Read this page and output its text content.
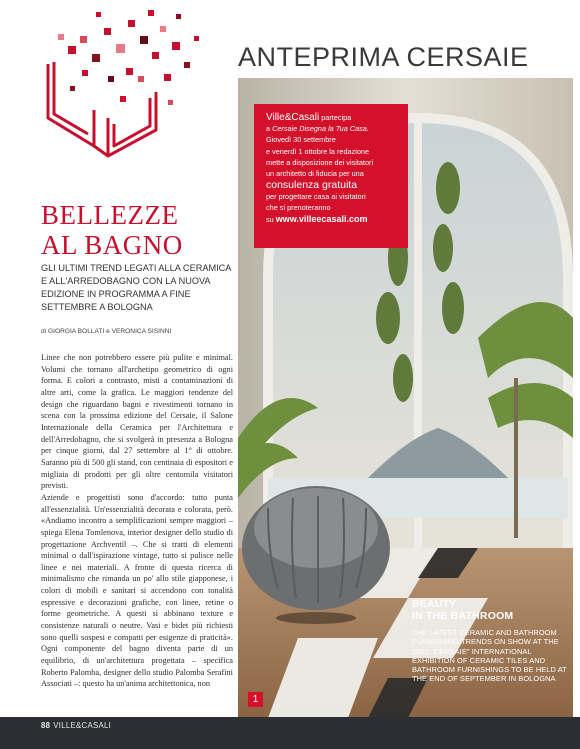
ANTEPRIMA CERSAIE
BELLEZZE
AL BAGNO
GLI ULTIMI TREND LEGATI ALLA CERAMICA E ALL'ARREDOBAGNO CON LA NUOVA EDIZIONE IN PROGRAMMA A FINE SETTEMBRE A BOLOGNA
di GIORGIA BOLLATI e VERONICA SISINNI

Linee che non potrebbero essere più pulite e minimal. Volumi che tornano all'archetipo geometrico di ogni forma. E colori a contrasto, misti a contaminazioni di altre arti, come la grafica. Le maggiori tendenze del design che riguardano bagni e rivestimenti tornano in scena con la prossima edizione del Cersaie, il Salone Internazionale della Ceramica per l'Architettura e dell'Arredobagno, che si svolgerà in presenza a Bologna per cinque giorni, dal 27 settembre al 1° di ottobre. Saranno più di 500 gli stand, con centinaia di espositori e migliaia di prodotti per gli oltre centomila visitatori previsti.

Aziende e progettisti sono d'accordo: tutto punta all'essenzialità. Un'essenzialità decorata e colorata, però. «Andiamo incontro a semplificazioni sempre maggiori – spiega Elena Tomlenova, interior designer dello studio di progettazione Archventil –. Che si tratti di elementi minimal o dall'ispirazione vintage, tutto si pulisce nelle linee e nei materiali. A fronte di questa ricerca di minimalismo che rimanda un po' allo stile giapponese, i colori di mobili e sanitari si accendono con tonalità espressive e decorazioni grafiche, con linee, retine o forme geometriche. A questi si abbinano texture e consistenze naturali o neutre. Vasi e bidet più richiesti sono quelli sospesi e compatti per esigenze di praticità». Ogni componente del bagno diventa parte di un equilibrio, di un'architettura progettata – specifica Roberto Palomba, designer dello studio Palomba Serafini Associati –: questo ha un'anima architettonica, non

Ville&Casali partecipa
a Cersaie Disegna la Tua Casa.
Giovedì 30 settembre
e venerdì 1 ottobre la redazione
mette a disposizione dei visitatori
un architetto di fiducia per una
consulenza gratuita
per progettare casa ai visitatori
che si prenoteranno
su www.villeecasali.com
BEAUTY
IN THE BATHROOM
THE LATEST CERAMIC AND BATHROOM FURNISHING TRENDS ON SHOW AT THE 2021 "CERSAIE" INTERNATIONAL EXHIBITION OF CERAMIC TILES AND BATHROOM FURNISHINGS TO BE HELD AT THE END OF SEPTEMBER IN BOLOGNA
1
88 VILLE&CASALI
